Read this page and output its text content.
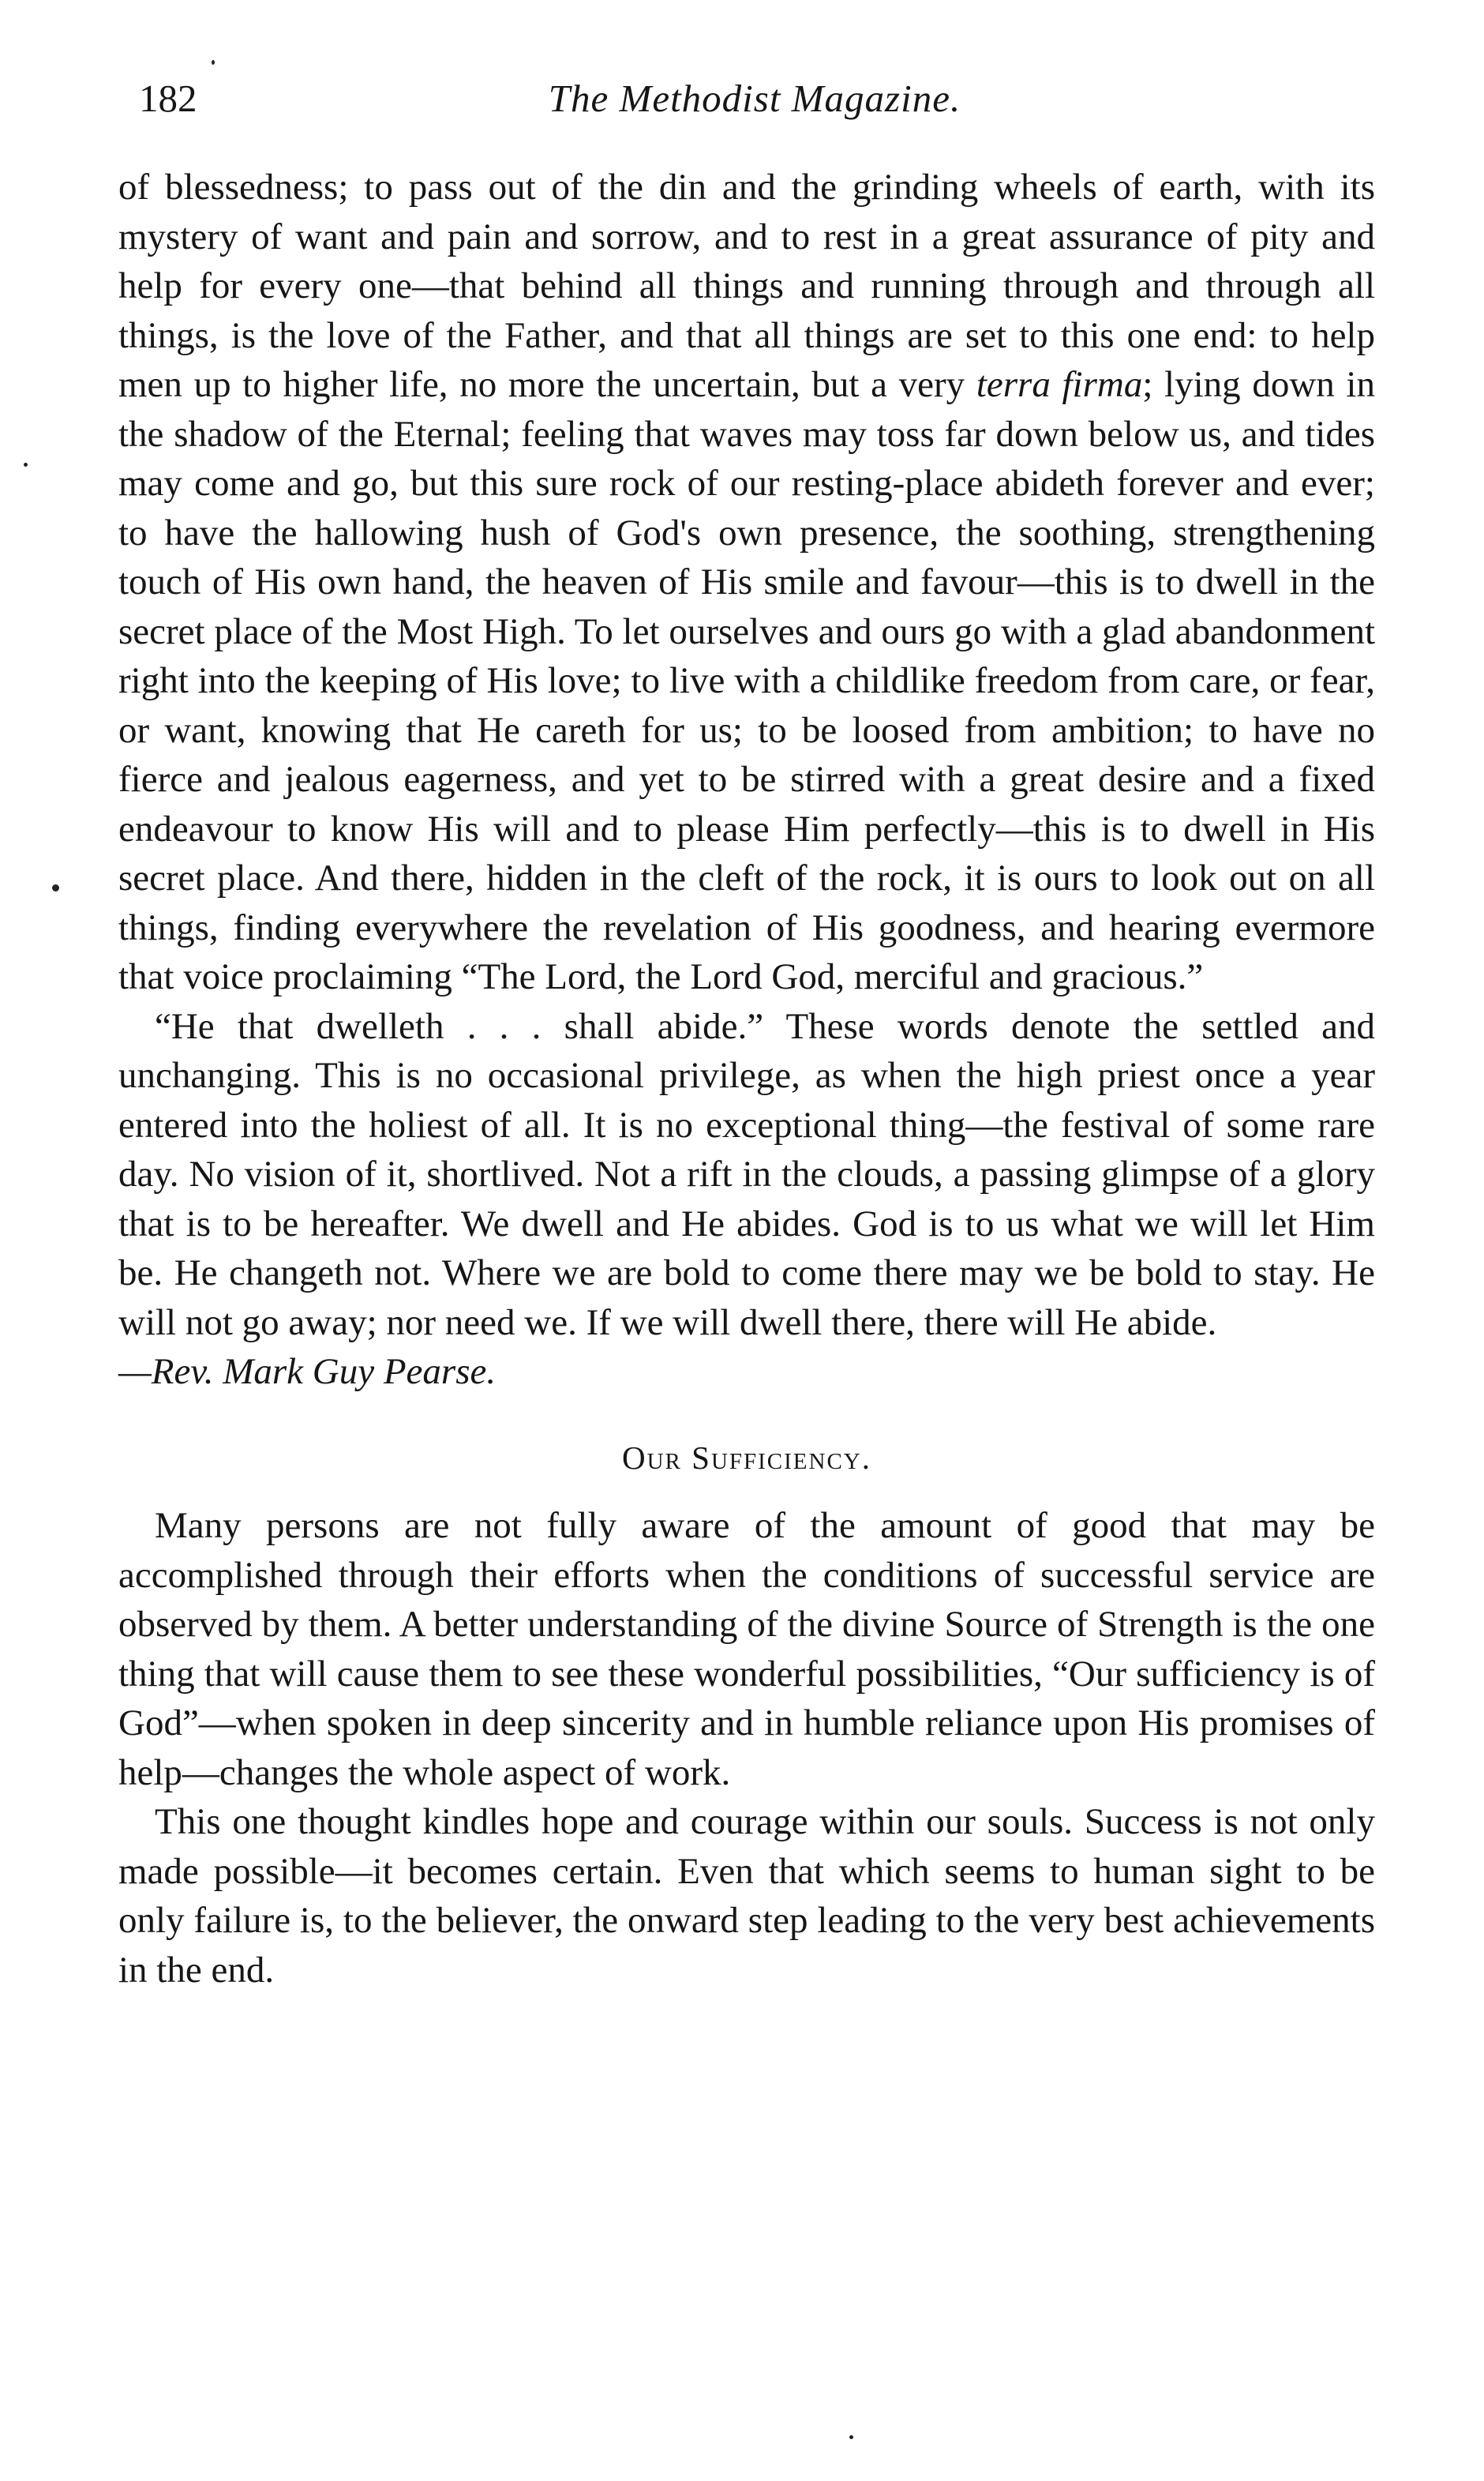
182	The Methodist Magazine.

of blessedness; to pass out of the din and the grinding wheels of earth, with its mystery of want and pain and sorrow, and to rest in a great assurance of pity and help for every one—that behind all things and running through and through all things, is the love of the Father, and that all things are set to this one end: to help men up to higher life, no more the uncertain, but a very terra firma; lying down in the shadow of the Eternal; feeling that waves may toss far down below us, and tides may come and go, but this sure rock of our resting-place abideth forever and ever; to have the hallowing hush of God's own presence, the soothing, strengthening touch of His own hand, the heaven of His smile and favour—this is to dwell in the secret place of the Most High. To let ourselves and ours go with a glad abandonment right into the keeping of His love; to live with a childlike freedom from care, or fear, or want, knowing that He careth for us; to be loosed from ambition; to have no fierce and jealous eagerness, and yet to be stirred with a great desire and a fixed endeavour to know His will and to please Him perfectly—this is to dwell in His secret place. And there, hidden in the cleft of the rock, it is ours to look out on all things, finding everywhere the revelation of His goodness, and hearing evermore that voice proclaiming “The Lord, the Lord God, merciful and gracious.”

“He that dwelleth . . . shall abide.” These words denote the settled and unchanging. This is no occasional privilege, as when the high priest once a year entered into the holiest of all. It is no exceptional thing—the festival of some rare day. No vision of it, shortlived. Not a rift in the clouds, a passing glimpse of a glory that is to be hereafter. We dwell and He abides. God is to us what we will let Him be. He changeth not. Where we are bold to come there may we be bold to stay. He will not go away; nor need we. If we will dwell there, there will He abide.

—Rev. Mark Guy Pearse.

Our Sufficiency.

Many persons are not fully aware of the amount of good that may be accomplished through their efforts when the conditions of successful service are observed by them. A better understanding of the divine Source of Strength is the one thing that will cause them to see these wonderful possibilities, “Our sufficiency is of God”—when spoken in deep sincerity and in humble reliance upon His promises of help—changes the whole aspect of work.

This one thought kindles hope and courage within our souls. Success is not only made possible—it becomes certain. Even that which seems to human sight to be only failure is, to the believer, the onward step leading to the very best achievements in the end.
